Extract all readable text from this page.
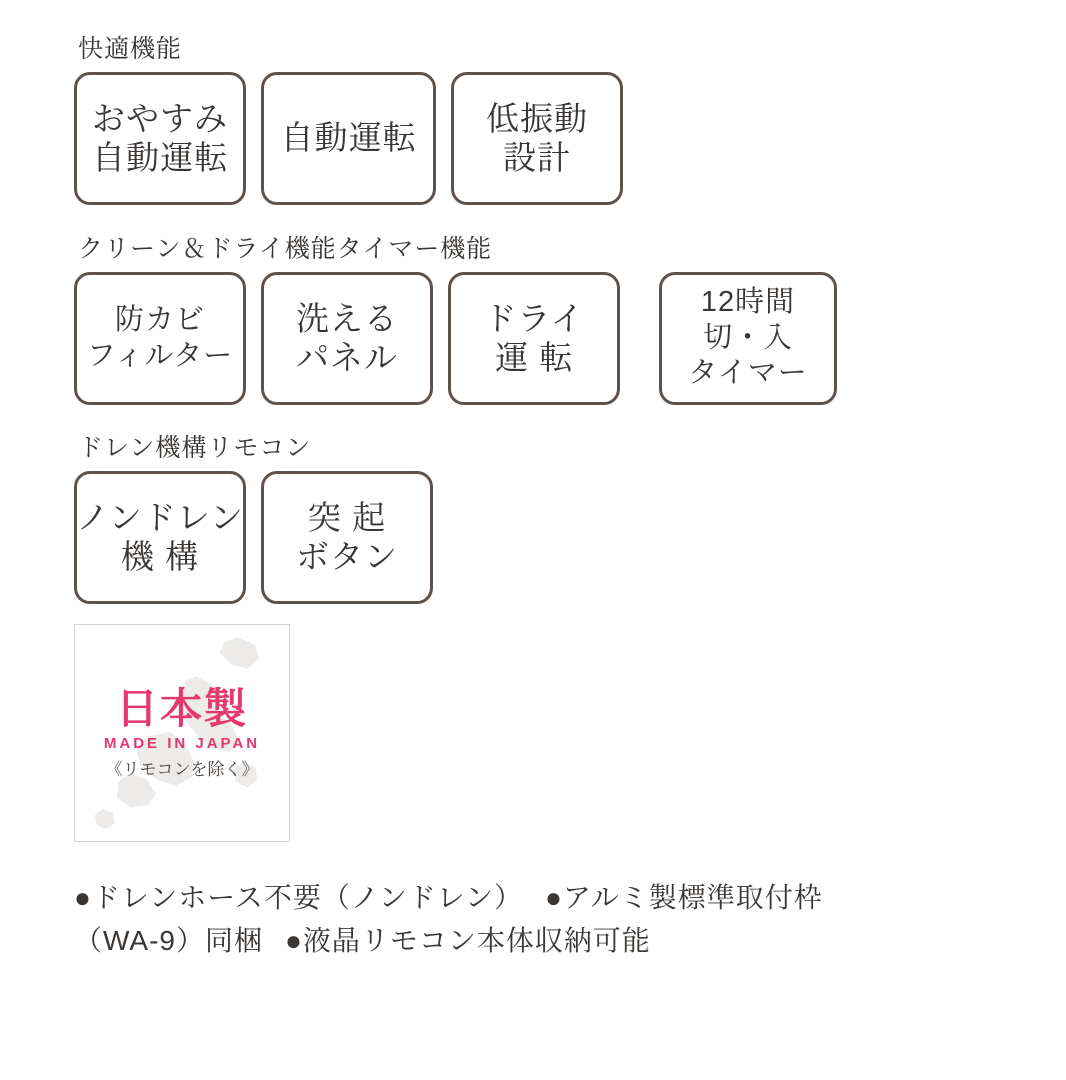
快適機能
おやすみ
自動運転
自動運転
低振動
設計
クリーン＆ドライ機能 タイマー機能
防カビ
フィルター
洗える
パネル
ドライ
運 転
12時間
切・入
タイマー
ドレン機構 リモコン
ノンドレン
機 構
突 起
ボタン
日本製
MADE IN JAPAN
《リモコンを除く》
●ドレンホース不要（ノンドレン） ●アルミ製標準取付枠
（WA-9）同梱 ●液晶リモコン本体収納可能
